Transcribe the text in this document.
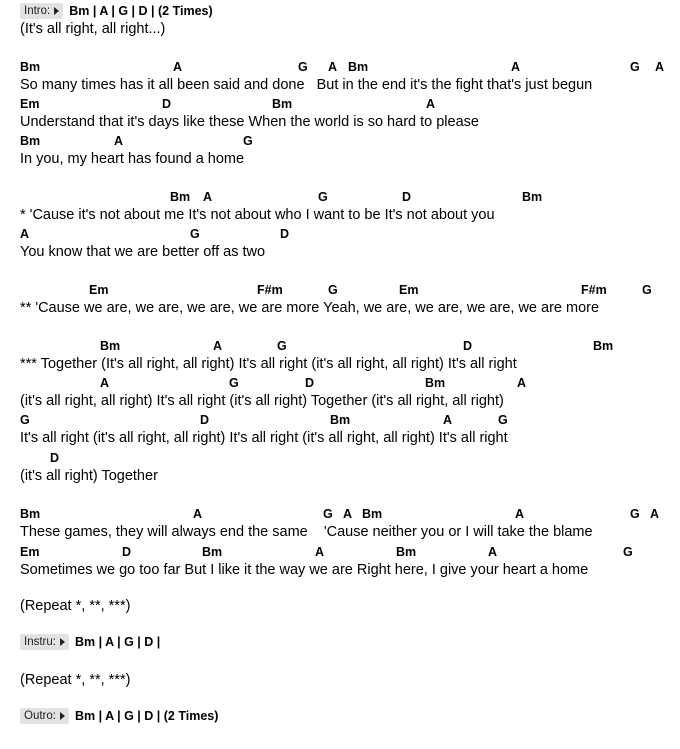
Intro: Bm | A | G | D | (2 Times)
(It's all right, all right...)

Bm

	A

	G

A

Bm

	A

	G

A

So many times has it all been said and done   But in the end it's the fight that's just begun

Em

	D

	Bm

	A

Understand that it's days like these When the world is so hard to please

Bm

	A

	G

In you, my heart has found a home

Bm

A

	G

	D

	Bm

* 'Cause it's not about me It's not about who I want to be It's not about you

A

	G

	D

You know that we are better off as two

Em

	F#m

	G

	Em

	F#m

	G

** 'Cause we are, we are, we are, we are more Yeah, we are, we are, we are, we are more

Bm

	A

	G

	D

	Bm

*** Together (It's all right, all right) It's all right (it's all right, all right) It's all right

A

	G

	D

	Bm

	A

(it's all right, all right) It's all right (it's all right) Together (it's all right, all right)

G

	D

	Bm

	A

	G

It's all right (it's all right, all right) It's all right (it's all right, all right) It's all right

D

(it's all right) Together

Bm

	A

	G

A

Bm

	A

	G

A

These games, they will always end the same    'Cause neither you or I will take the blame

Em

	D

	Bm

	A

	Bm

	A

	G

Sometimes we go too far But I like it the way we are Right here, I give your heart a home
(Repeat *, **, ***)
Instru: Bm | A | G | D |
(Repeat *, **, ***)
Outro: Bm | A | G | D | (2 Times)
